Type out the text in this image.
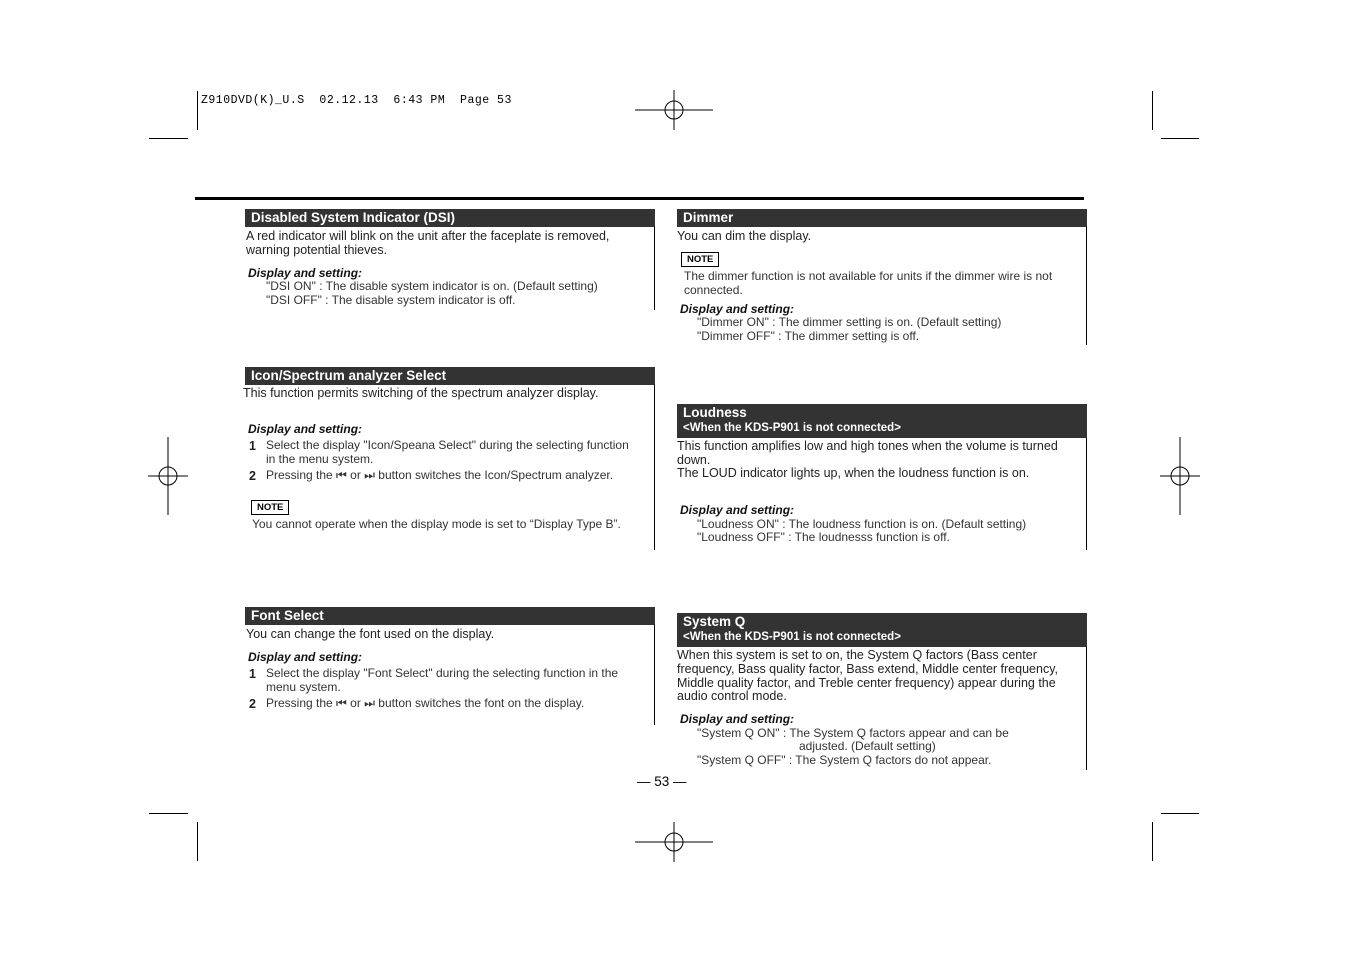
Z910DVD(K)_U.S  02.12.13  6:43 PM  Page 53
Disabled System Indicator (DSI)
A red indicator will blink on the unit after the faceplate is removed, warning potential thieves.
Display and setting:
"DSI ON" : The disable system indicator is on. (Default setting)
"DSI OFF" : The disable system indicator is off.
Icon/Spectrum analyzer Select
This function permits switching of the spectrum analyzer display.
Display and setting:
1 Select the display "Icon/Speana Select" during the selecting function in the menu system.
2 Pressing the ⏮ or ⏭ button switches the Icon/Spectrum analyzer.
NOTE
You cannot operate when the display mode is set to “Display Type B”.
Font Select
You can change the font used on the display.
Display and setting:
1 Select the display "Font Select" during the selecting function in the menu system.
2 Pressing the ⏮ or ⏭ button switches the font on the display.
Dimmer
You can dim the display.
NOTE
The dimmer function is not available for units if the dimmer wire is not connected.
Display and setting:
"Dimmer ON" : The dimmer setting is on. (Default setting)
"Dimmer OFF" : The dimmer setting is off.
Loudness
<When the KDS-P901 is not connected>
This function amplifies low and high tones when the volume is turned down.
The LOUD indicator lights up, when the loudness function is on.
Display and setting:
"Loudness ON" : The loudness function is on. (Default setting)
"Loudness OFF" : The loudnesss function is off.
System Q
<When the KDS-P901 is not connected>
When this system is set to on, the System Q factors (Bass center frequency, Bass quality factor, Bass extend, Middle center frequency, Middle quality factor, and Treble center frequency) appear during the audio control mode.
Display and setting:
"System Q ON" : The System Q factors appear and can be
adjusted. (Default setting)
"System Q OFF" : The System Q factors do not appear.
— 53 —
